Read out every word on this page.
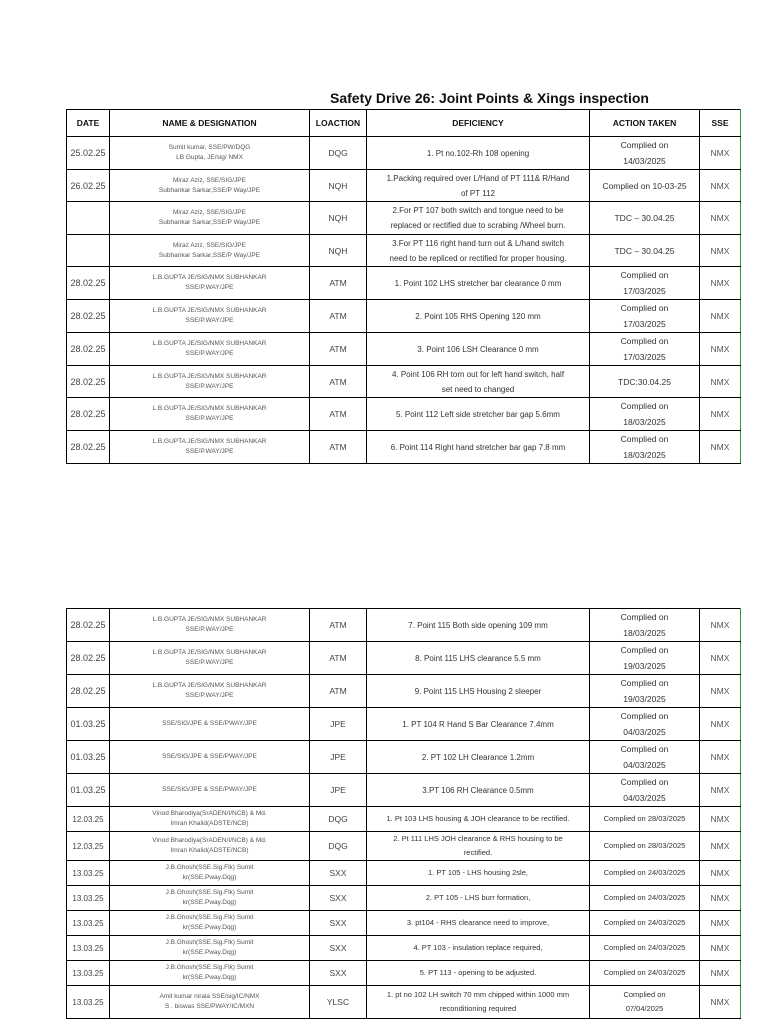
Safety Drive 26: Joint Points & Xings inspection
DATE	NAME & DESIGNATION	LOACTION	DEFICIENCY	ACTION TAKEN	SSE
25.02.25	Sumit kumar, SSE/PW/DQG
LB Gupta, JE/sig/ NMX	DQG	1. Pt no.102-Rh 108 opening	Complied on
14/03/2025	NMX
26.02.25	Miraz Aziz, SSE/SIG/JPE
Subhankar Sarkar,SSE/P Way/JPE	NQH	1.Packing required over L/Hand of PT 111& R/Hand
of PT 112	Complied on 10-03-25	NMX
	Miraz Aziz, SSE/SIG/JPE
Subhankar Sarkar,SSE/P Way/JPE	NQH	2.For PT 107 both switch and tongue need to be
replaced or rectified due to scrabing /Wheel burn.	TDC – 30.04.25	NMX
	Miraz Aziz, SSE/SIG/JPE
Subhankar Sarkar,SSE/P Way/JPE	NQH	3.For PT 116 right hand turn out & L/hand switch
need to be repliced or rectified for proper housing.	TDC – 30.04.25	NMX
28.02.25	L.B.GUPTA JE/SIG/NMX SUBHANKAR
SSE/P.WAY/JPE	ATM	1. Point 102 LHS stretcher bar clearance 0 mm	Complied on
17/03/2025	NMX
28.02.25	L.B.GUPTA JE/SIG/NMX SUBHANKAR
SSE/P.WAY/JPE	ATM	2. Point 105 RHS Opening 120 mm	Complied on
17/03/2025	NMX
28.02.25	L.B.GUPTA JE/SIG/NMX SUBHANKAR
SSE/P.WAY/JPE	ATM	3. Point 106 LSH Clearance 0 mm	Complied on
17/03/2025	NMX
28.02.25	L.B.GUPTA JE/SIG/NMX SUBHANKAR
SSE/P.WAY/JPE	ATM	4. Point 106 RH torn out for left hand switch, half
set need to changed	TDC:30.04.25	NMX
28.02.25	L.B.GUPTA JE/SIG/NMX SUBHANKAR
SSE/P.WAY/JPE	ATM	5. Point 112 Left side stretcher bar gap 5.6mm	Complied on
18/03/2025	NMX
28.02.25	L.B.GUPTA JE/SIG/NMX SUBHANKAR
SSE/P.WAY/JPE	ATM	6. Point 114 Right hand stretcher bar gap 7.8 mm	Complied on
18/03/2025	NMX
28.02.25	L.B.GUPTA JE/SIG/NMX SUBHANKAR
SSE/P.WAY/JPE	ATM	7. Point 115 Both side opening 109 mm	Complied on
18/03/2025	NMX
28.02.25	L.B.GUPTA JE/SIG/NMX SUBHANKAR
SSE/P.WAY/JPE	ATM	8. Point 115 LHS clearance 5.5 mm	Complied on
19/03/2025	NMX
28.02.25	L.B.GUPTA JE/SIG/NMX SUBHANKAR
SSE/P.WAY/JPE	ATM	9. Point 115 LHS Housing 2 sleeper	Complied on
19/03/2025	NMX
01.03.25	SSE/SIG/JPE & SSE/PWAY/JPE	JPE	1. PT 104 R Hand S Bar Clearance 7.4mm	Complied on
04/03/2025	NMX
01.03.25	SSE/SIG/JPE & SSE/PWAY/JPE	JPE	2. PT 102 LH Clearance 1.2mm	Complied on
04/03/2025	NMX
01.03.25	SSE/SIG/JPE & SSE/PWAY/JPE	JPE	3.PT 106 RH Clearance 0.5mm	Complied on
04/03/2025	NMX
12.03.25	Vinod Bharodiya(SrADEN/I/NCB) & Md.
Imran Khalid(ADSTE/NCB)	DQG	1. Pt 103 LHS housing & JOH clearance to be rectified.	Complied on 28/03/2025	NMX
12.03.25	Vinod Bharodiya(SrADEN/I/NCB) & Md.
Imran Khalid(ADSTE/NCB)	DQG	2. Pt 111 LHS JOH clearance & RHS housing to be
rectified.	Complied on 28/03/2025	NMX
13.03.25	J.B.Ghosh(SSE.Sig.Flk) Sumit
kr(SSE.Pway.Dqg)	SXX	1. PT 105 - LHS housing 2sle,	Complied on 24/03/2025	NMX
13.03.25	J.B.Ghosh(SSE.Sig.Flk) Sumit
kr(SSE.Pway.Dqg)	SXX	2. PT 105 - LHS burr formation,	Complied on 24/03/2025	NMX
13.03.25	J.B.Ghosh(SSE.Sig.Flk) Sumit
kr(SSE.Pway.Dqg)	SXX	3. pt104 - RHS clearance need to improve,	Complied on 24/03/2025	NMX
13.03.25	J.B.Ghosh(SSE.Sig.Flk) Sumit
kr(SSE.Pway.Dqg)	SXX	4. PT 103 - insulation replace required,	Complied on 24/03/2025	NMX
13.03.25	J.B.Ghosh(SSE.Sig.Flk) Sumit
kr(SSE.Pway.Dqg)	SXX	5. PT 113 - opening to be adjusted.	Complied on 24/03/2025	NMX
13.03.25	Amit kumar nirala SSE/sig/IC/NMX
S . biswas SSE/PWAY/IC/MXN	YLSC	1. pt no 102 LH switch 70 mm chipped within 1000 mm
reconditioning required	Complied on
07/04/2025	NMX
